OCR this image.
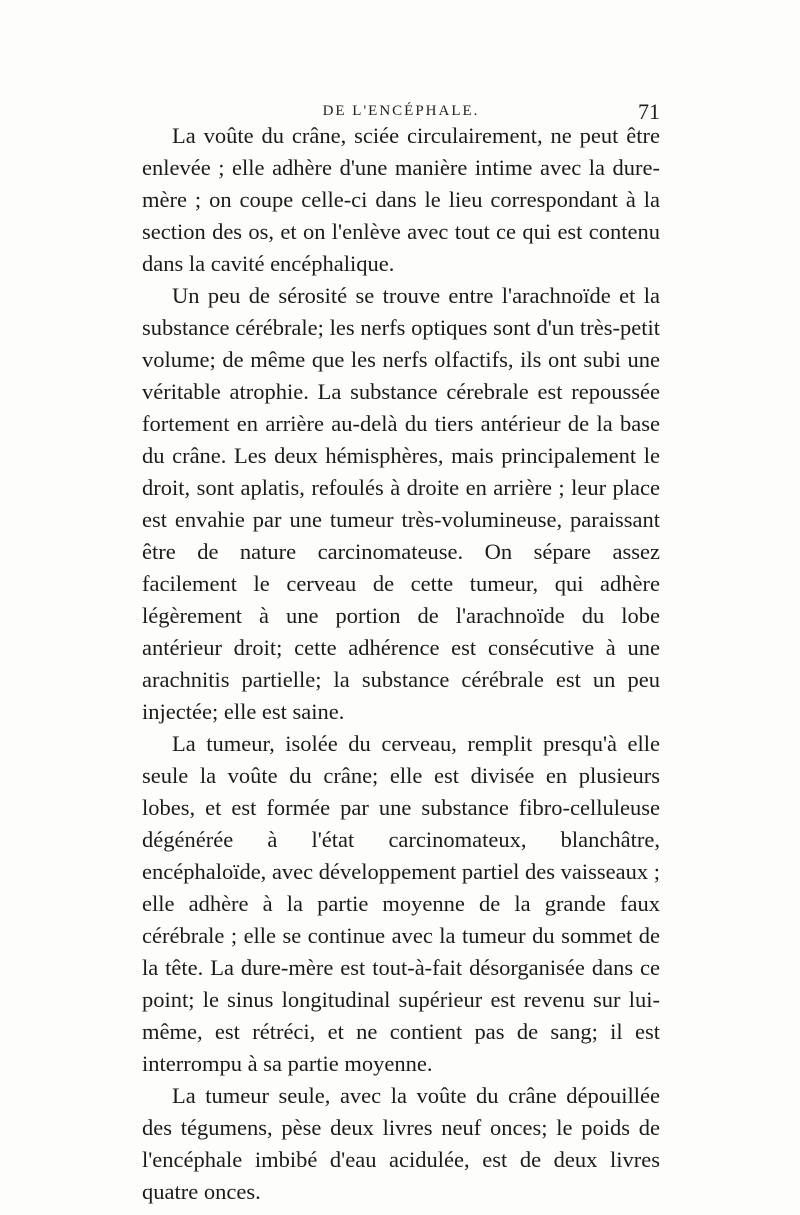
DE L'ENCÉPHALE.	71

La voûte du crâne, sciée circulairement, ne peut être enlevée ; elle adhère d'une manière intime avec la dure-mère ; on coupe celle-ci dans le lieu correspondant à la section des os, et on l'enlève avec tout ce qui est contenu dans la cavité encéphalique.

Un peu de sérosité se trouve entre l'arachnoïde et la substance cérébrale; les nerfs optiques sont d'un très-petit volume; de même que les nerfs olfactifs, ils ont subi une véritable atrophie. La substance cérebrale est repoussée fortement en arrière au-delà du tiers antérieur de la base du crâne. Les deux hémisphères, mais principalement le droit, sont aplatis, refoulés à droite en arrière ; leur place est envahie par une tumeur très-volumineuse, paraissant être de nature carcinomateuse. On sépare assez facilement le cerveau de cette tumeur, qui adhère légèrement à une portion de l'arachnoïde du lobe antérieur droit; cette adhérence est consécutive à une arachnitis partielle; la substance cérébrale est un peu injectée; elle est saine.

La tumeur, isolée du cerveau, remplit presqu'à elle seule la voûte du crâne; elle est divisée en plusieurs lobes, et est formée par une substance fibro-celluleuse dégénérée à l'état carcinomateux, blanchâtre, encéphaloïde, avec développement partiel des vaisseaux ; elle adhère à la partie moyenne de la grande faux cérébrale ; elle se continue avec la tumeur du sommet de la tête. La dure-mère est tout-à-fait désorganisée dans ce point; le sinus longitudinal supérieur est revenu sur lui-même, est rétréci, et ne contient pas de sang; il est interrompu à sa partie moyenne.

La tumeur seule, avec la voûte du crâne dépouillée des tégumens, pèse deux livres neuf onces; le poids de l'encéphale imbibé d'eau acidulée, est de deux livres quatre onces.
